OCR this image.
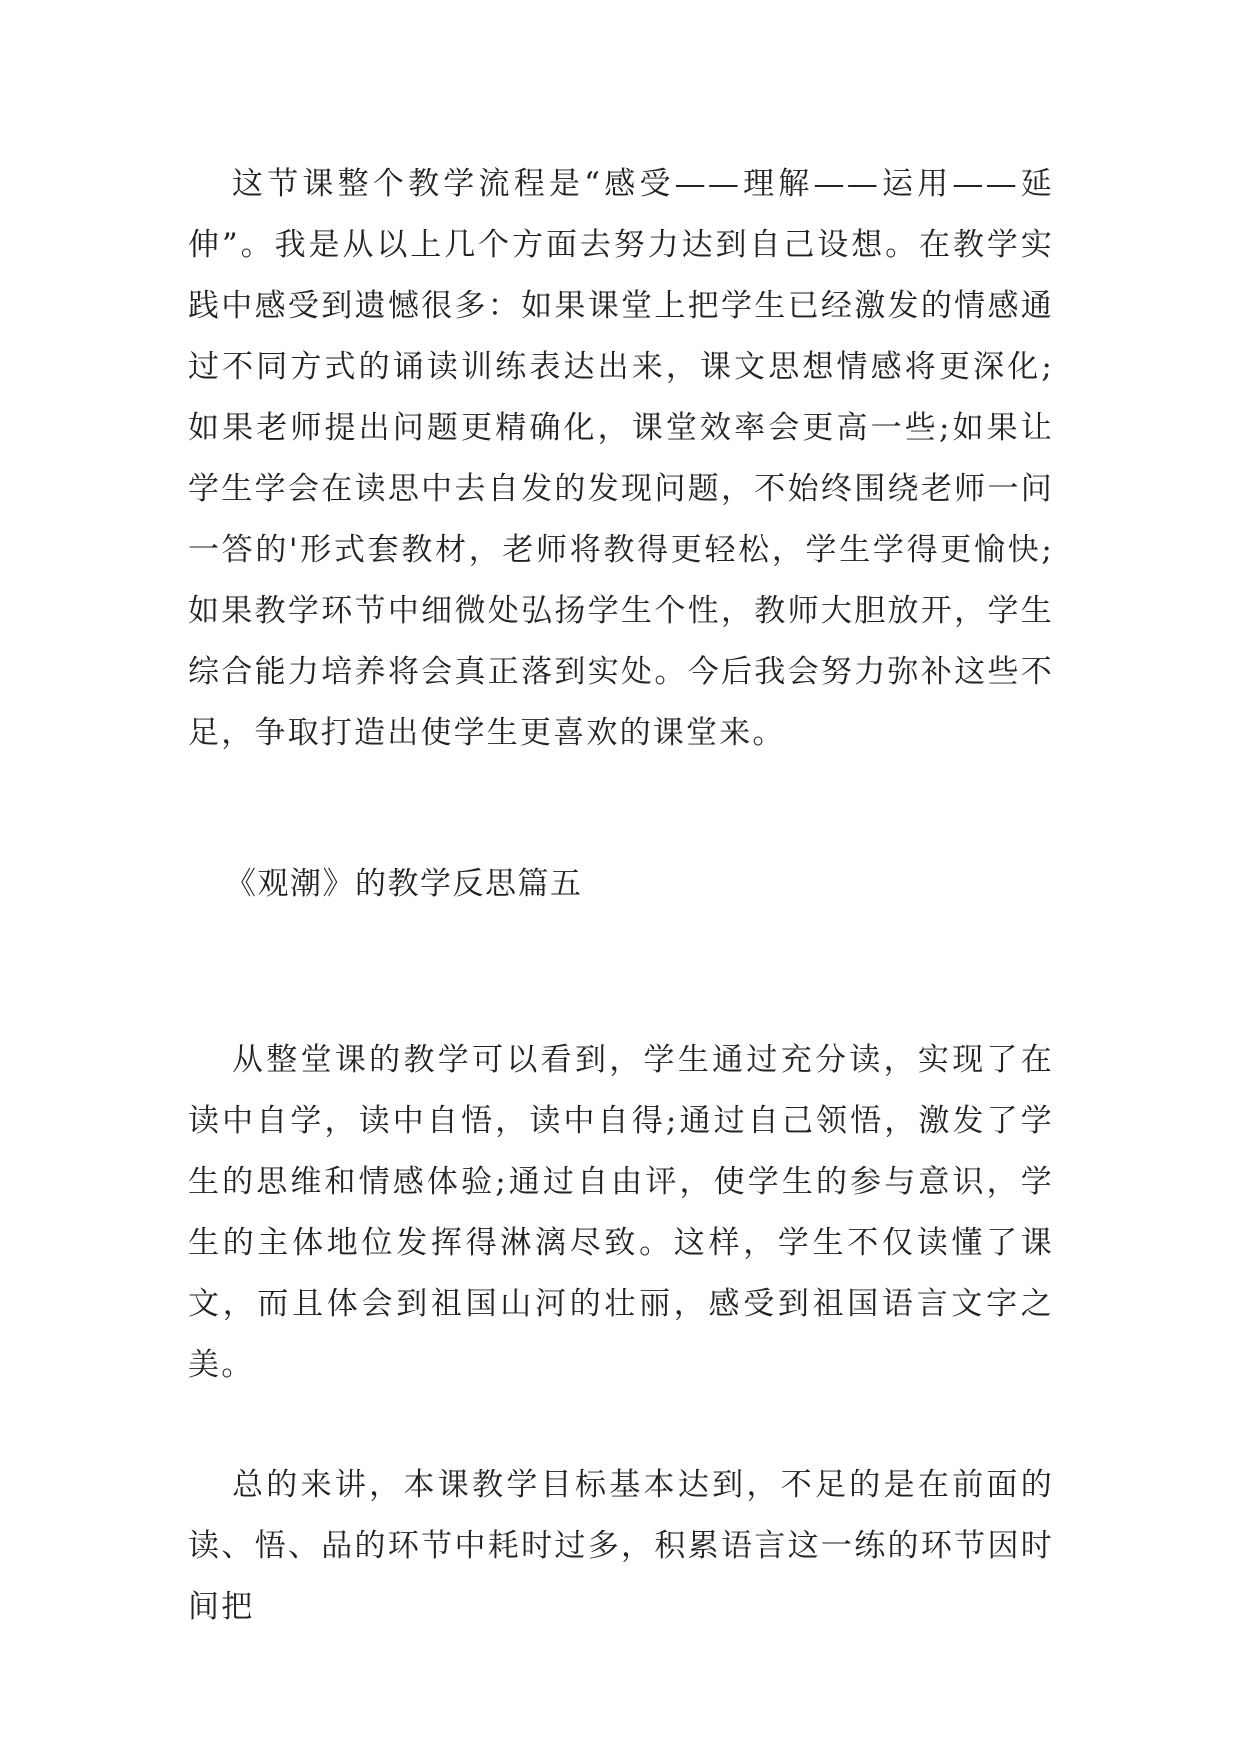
这节课整个教学流程是“感受——理解——运用——延伸”。我是从以上几个方面去努力达到自己设想。在教学实践中感受到遗憾很多：如果课堂上把学生已经激发的情感通过不同方式的诵读训练表达出来，课文思想情感将更深化;如果老师提出问题更精确化，课堂效率会更高一些;如果让学生学会在读思中去自发的发现问题，不始终围绕老师一问一答的'形式套教材，老师将教得更轻松，学生学得更愉快;如果教学环节中细微处弘扬学生个性，教师大胆放开，学生综合能力培养将会真正落到实处。今后我会努力弥补这些不足，争取打造出使学生更喜欢的课堂来。

《观潮》的教学反思篇五

从整堂课的教学可以看到，学生通过充分读，实现了在读中自学，读中自悟，读中自得;通过自己领悟，激发了学生的思维和情感体验;通过自由评，使学生的参与意识，学生的主体地位发挥得淋漓尽致。这样，学生不仅读懂了课文，而且体会到祖国山河的壮丽，感受到祖国语言文字之美。

总的来讲，本课教学目标基本达到，不足的是在前面的读、悟、品的环节中耗时过多，积累语言这一练的环节因时间把
